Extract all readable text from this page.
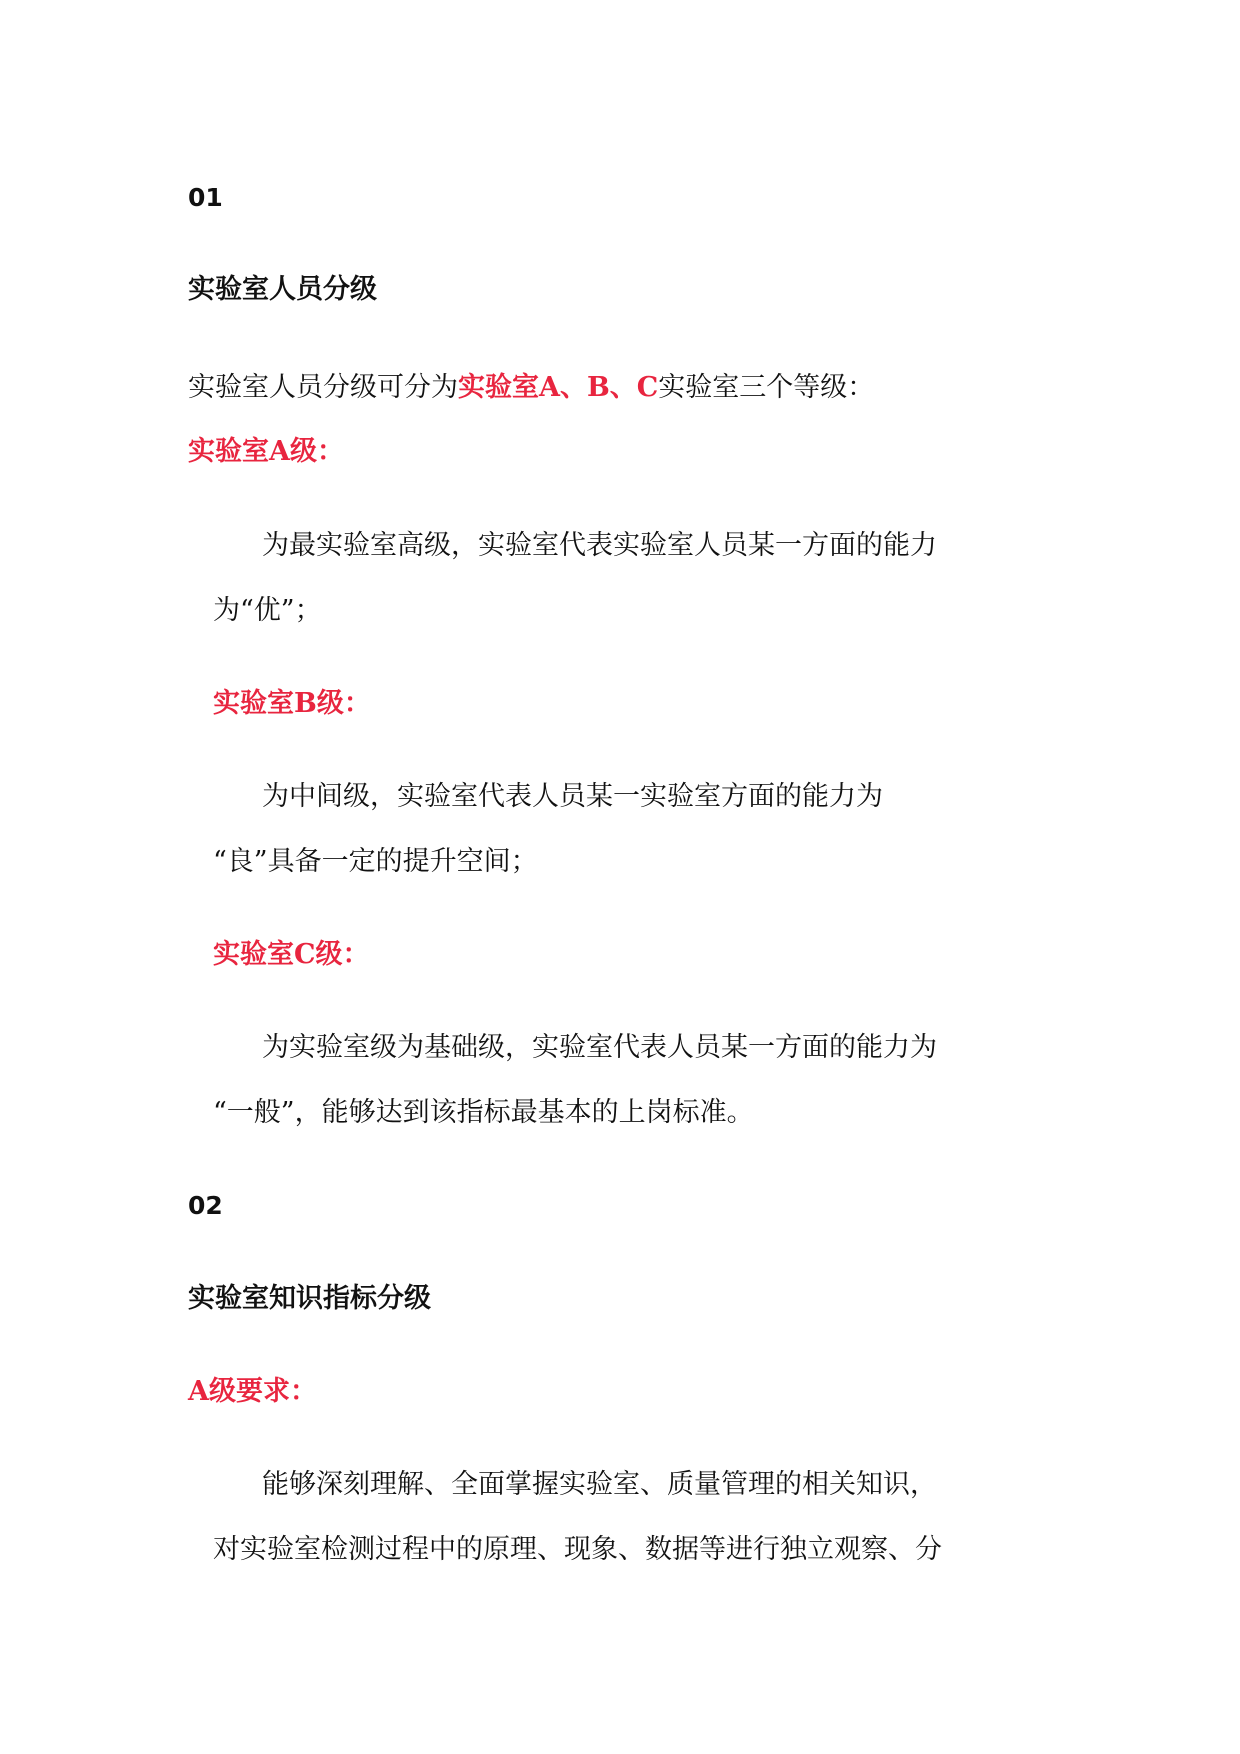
01
实验室人员分级
实验室人员分级可分为实验室A、B、C实验室三个等级：
实验室A级：
为最实验室高级，实验室代表实验室人员某一方面的能力
为“优”；
实验室B级：
为中间级，实验室代表人员某一实验室方面的能力为
“良”具备一定的提升空间；
实验室C级：
为实验室级为基础级，实验室代表人员某一方面的能力为
“一般”，能够达到该指标最基本的上岗标准。
02
实验室知识指标分级
A级要求：
能够深刻理解、全面掌握实验室、质量管理的相关知识，
对实验室检测过程中的原理、现象、数据等进行独立观察、分
